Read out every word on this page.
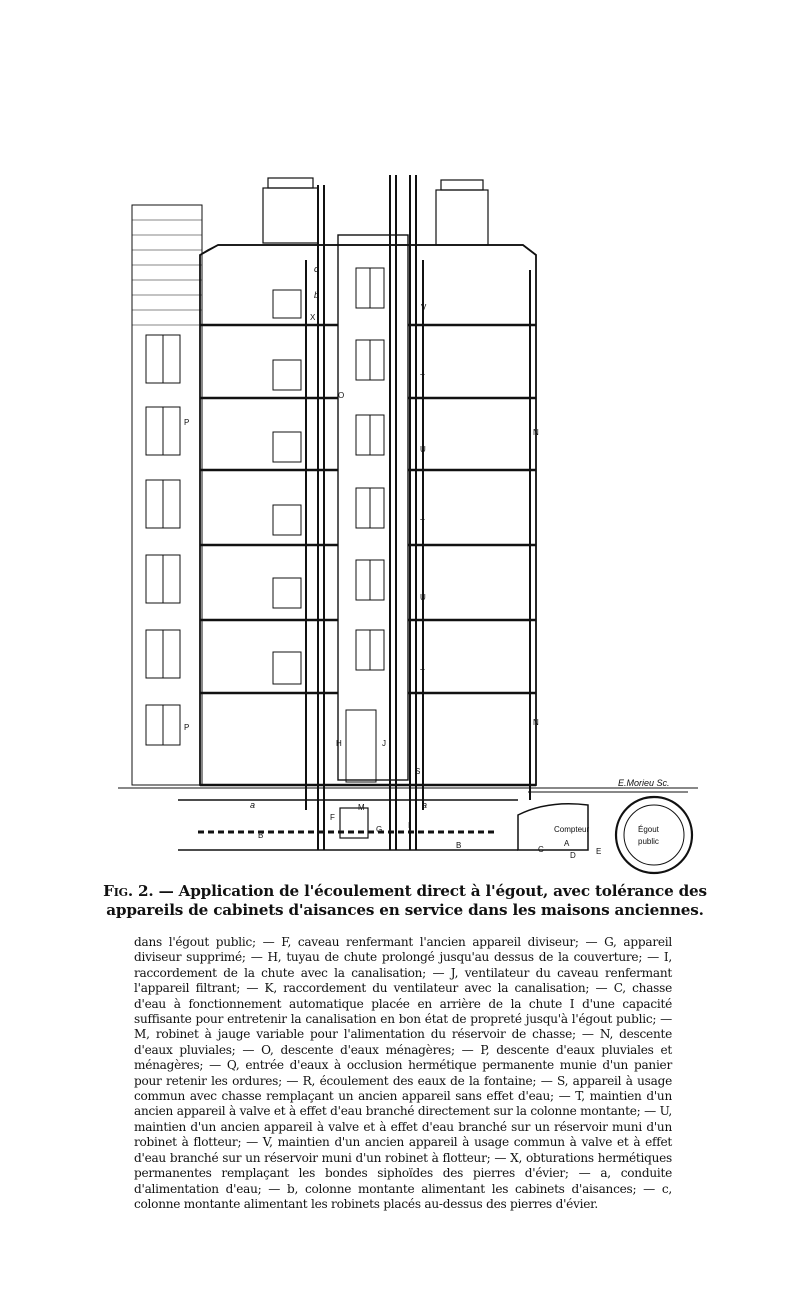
c
b
X
O
N
N
P
P
V
T
U
T
U
T
S
J
I
F
M
G
H
a	a
B
B	A
C
D	E
Compteur	Égout
public
E.Morieu Sc.
Fig. 2. — Application de l'écoulement direct à l'égout, avec tolérance des appareils de cabinets d'aisances en service dans les maisons anciennes.
dans l'égout public; — F, caveau renfermant l'ancien appareil diviseur; — G, appareil diviseur supprimé; — H, tuyau de chute prolongé jusqu'au dessus de la couverture; — I, raccordement de la chute avec la canalisation; — J, ventilateur du caveau renfermant l'appareil filtrant; — K, raccordement du ventilateur avec la canalisation; — C, chasse d'eau à fonctionnement automatique placée en arrière de la chute I d'une capacité suffisante pour entretenir la canalisation en bon état de propreté jusqu'à l'égout public; — M, robinet à jauge variable pour l'alimentation du réservoir de chasse; — N, descente d'eaux pluviales; — O, descente d'eaux ménagères; — P, descente d'eaux pluviales et ménagères; — Q, entrée d'eaux à occlusion hermétique permanente munie d'un panier pour retenir les ordures; — R, écoulement des eaux de la fontaine; — S, appareil à usage commun avec chasse remplaçant un ancien appareil sans effet d'eau; — T, maintien d'un ancien appareil à valve et à effet d'eau branché directement sur la colonne montante; — U, maintien d'un ancien appareil à valve et à effet d'eau branché sur un réservoir muni d'un robinet à flotteur; — V, maintien d'un ancien appareil à usage commun à valve et à effet d'eau branché sur un réservoir muni d'un robinet à flotteur; — X, obturations hermétiques permanentes remplaçant les bondes siphoïdes des pierres d'évier; — a, conduite d'alimentation d'eau; — b, colonne montante alimentant les cabinets d'aisances; — c, colonne montante alimentant les robinets placés au-dessus des pierres d'évier.
